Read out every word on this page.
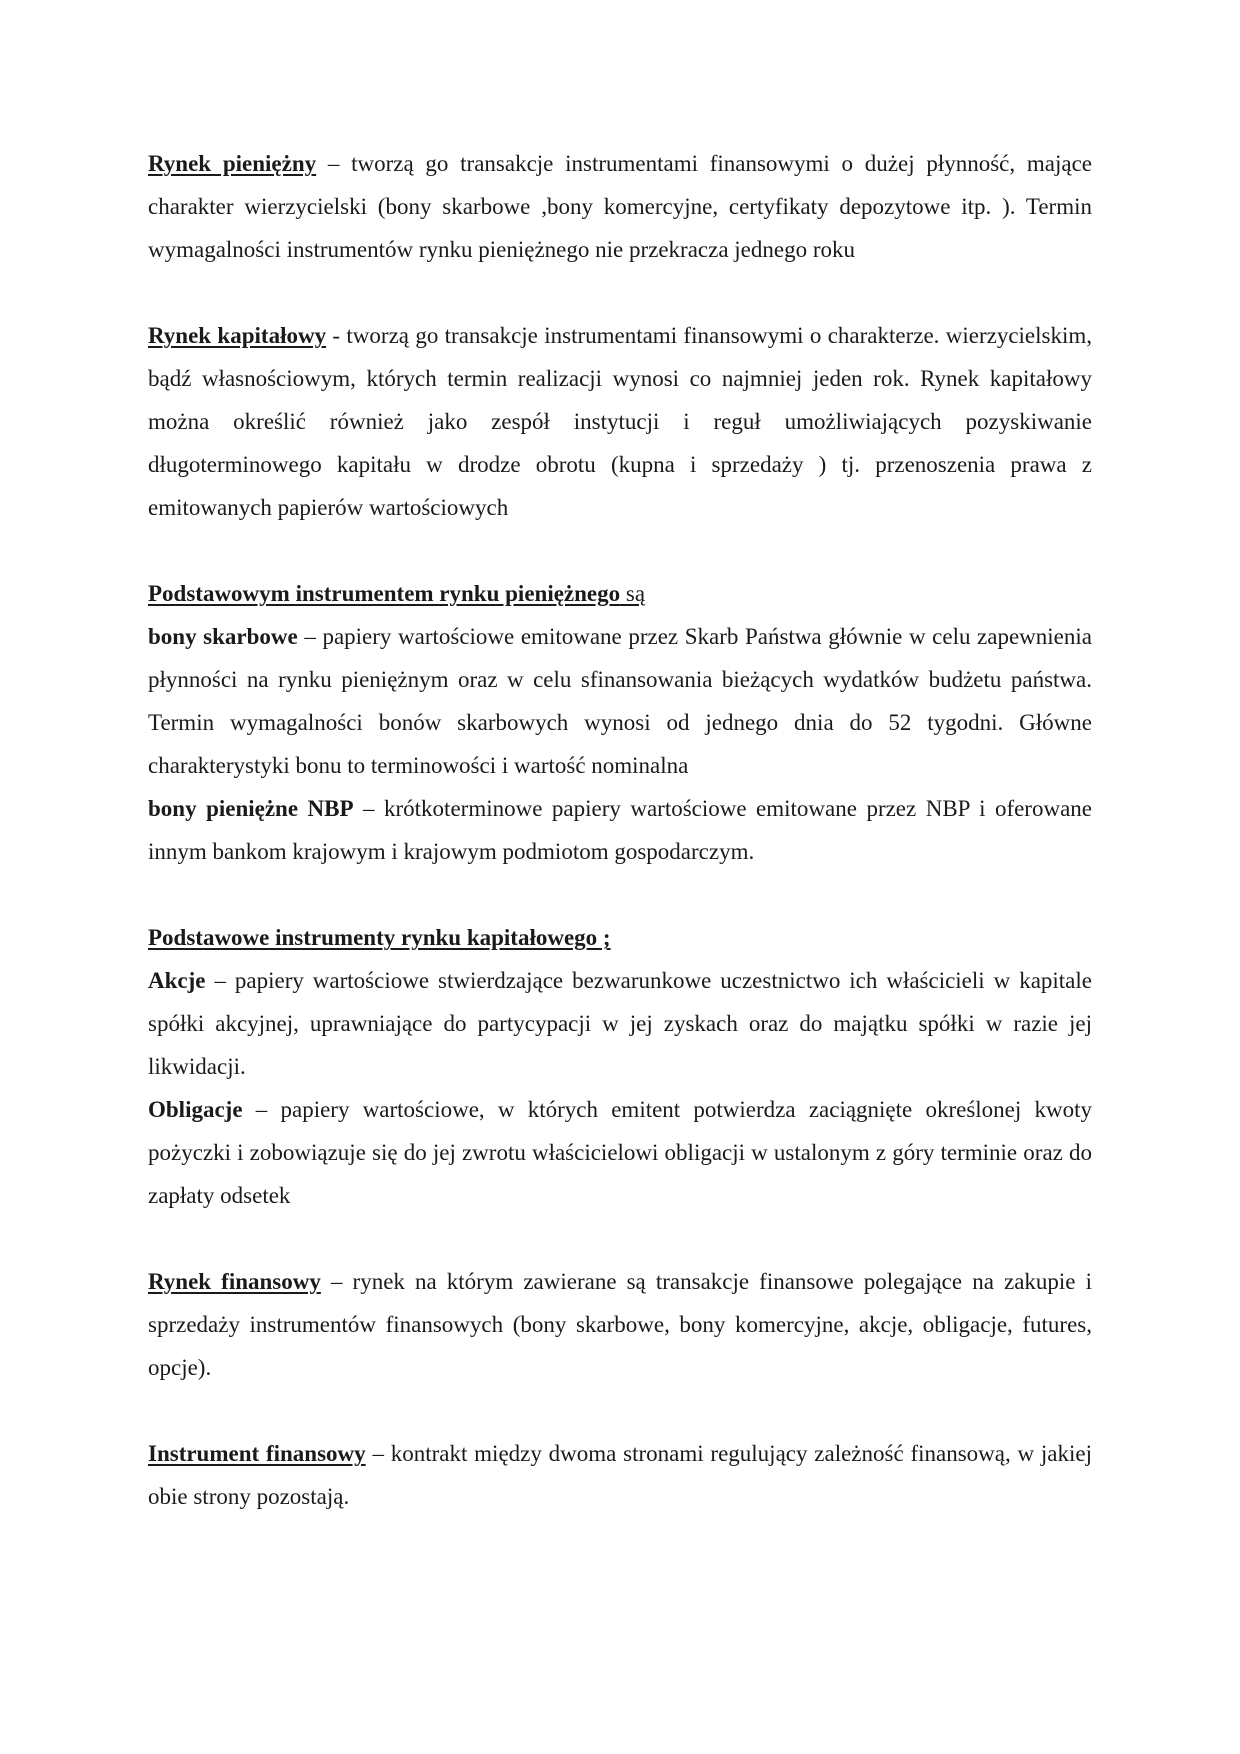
Rynek pieniężny – tworzą go transakcje instrumentami finansowymi o dużej płynność, mające charakter wierzycielski (bony skarbowe ,bony komercyjne, certyfikaty depozytowe itp. ). Termin wymagalności instrumentów rynku pieniężnego nie przekracza jednego roku

Rynek kapitałowy - tworzą go transakcje instrumentami finansowymi o charakterze. wierzycielskim, bądź własnościowym, których termin realizacji wynosi co najmniej jeden rok. Rynek kapitałowy można określić również jako zespół instytucji i reguł umożliwiających pozyskiwanie długoterminowego kapitału w drodze obrotu (kupna i sprzedaży ) tj. przenoszenia prawa z emitowanych papierów wartościowych

Podstawowym instrumentem rynku pieniężnego są

bony skarbowe – papiery wartościowe emitowane przez Skarb Państwa głównie w celu zapewnienia płynności na rynku pieniężnym oraz w celu sfinansowania bieżących wydatków budżetu państwa. Termin wymagalności bonów skarbowych wynosi od jednego dnia do 52 tygodni. Główne charakterystyki bonu to terminowości i wartość nominalna

bony pieniężne NBP – krótkoterminowe papiery wartościowe emitowane przez NBP i oferowane innym bankom krajowym i krajowym podmiotom gospodarczym.

Podstawowe instrumenty rynku kapitałowego ;

Akcje – papiery wartościowe stwierdzające bezwarunkowe uczestnictwo ich właścicieli w kapitale spółki akcyjnej, uprawniające do partycypacji w jej zyskach oraz do majątku spółki w razie jej likwidacji.

Obligacje – papiery wartościowe, w których emitent potwierdza zaciągnięte określonej kwoty pożyczki i zobowiązuje się do jej zwrotu właścicielowi obligacji w ustalonym z góry terminie oraz do zapłaty odsetek

Rynek finansowy – rynek na którym zawierane są transakcje finansowe polegające na zakupie i sprzedaży instrumentów finansowych (bony skarbowe, bony komercyjne, akcje, obligacje, futures, opcje).

Instrument finansowy – kontrakt między dwoma stronami regulujący zależność finansową, w jakiej obie strony pozostają.
